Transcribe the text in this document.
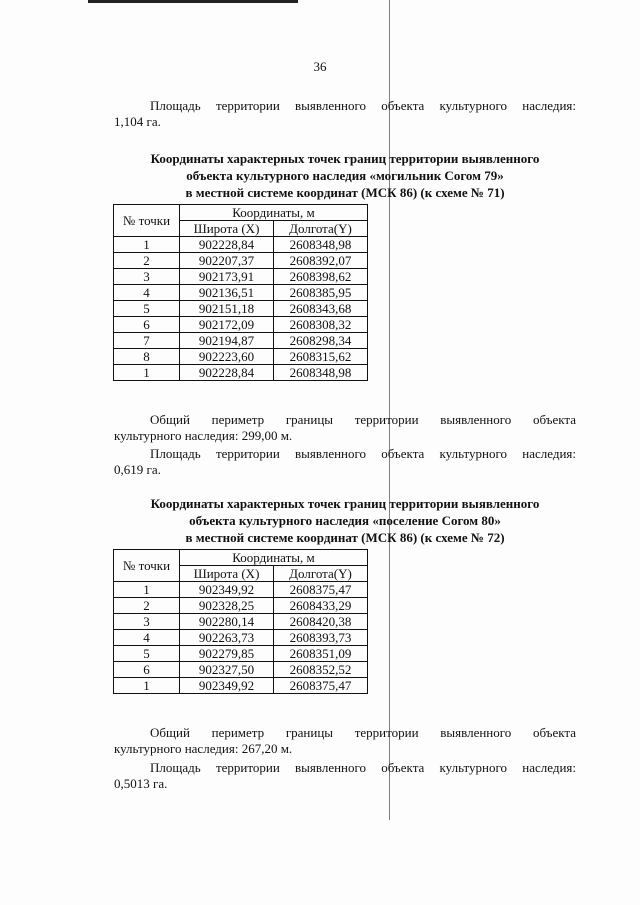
36

Площадь территории выявленного объекта культурного наследия:

1,104 га.

Координаты характерных точек границ территории выявленного
объекта культурного наследия «могильник Согом 79»
в местной системе координат (МСК 86) (к схеме № 71)
№ точки	Координаты, м	
	Широта (X)	Долгота(Y)
1	902228,84	2608348,98
2	902207,37	2608392,07
3	902173,91	2608398,62
4	902136,51	2608385,95
5	902151,18	2608343,68
6	902172,09	2608308,32
7	902194,87	2608298,34
8	902223,60	2608315,62
1	902228,84	2608348,98

Общий периметр границы территории выявленного объекта

культурного наследия: 299,00 м.

Площадь территории выявленного объекта культурного наследия:

0,619 га.

Координаты характерных точек границ территории выявленного
объекта культурного наследия «поселение Согом 80»
в местной системе координат (МСК 86) (к схеме № 72)
№ точки	Координаты, м	
	Широта (X)	Долгота(Y)
1	902349,92	2608375,47
2	902328,25	2608433,29
3	902280,14	2608420,38
4	902263,73	2608393,73
5	902279,85	2608351,09
6	902327,50	2608352,52
1	902349,92	2608375,47

Общий периметр границы территории выявленного объекта

культурного наследия: 267,20 м.

Площадь территории выявленного объекта культурного наследия:

0,5013 га.
